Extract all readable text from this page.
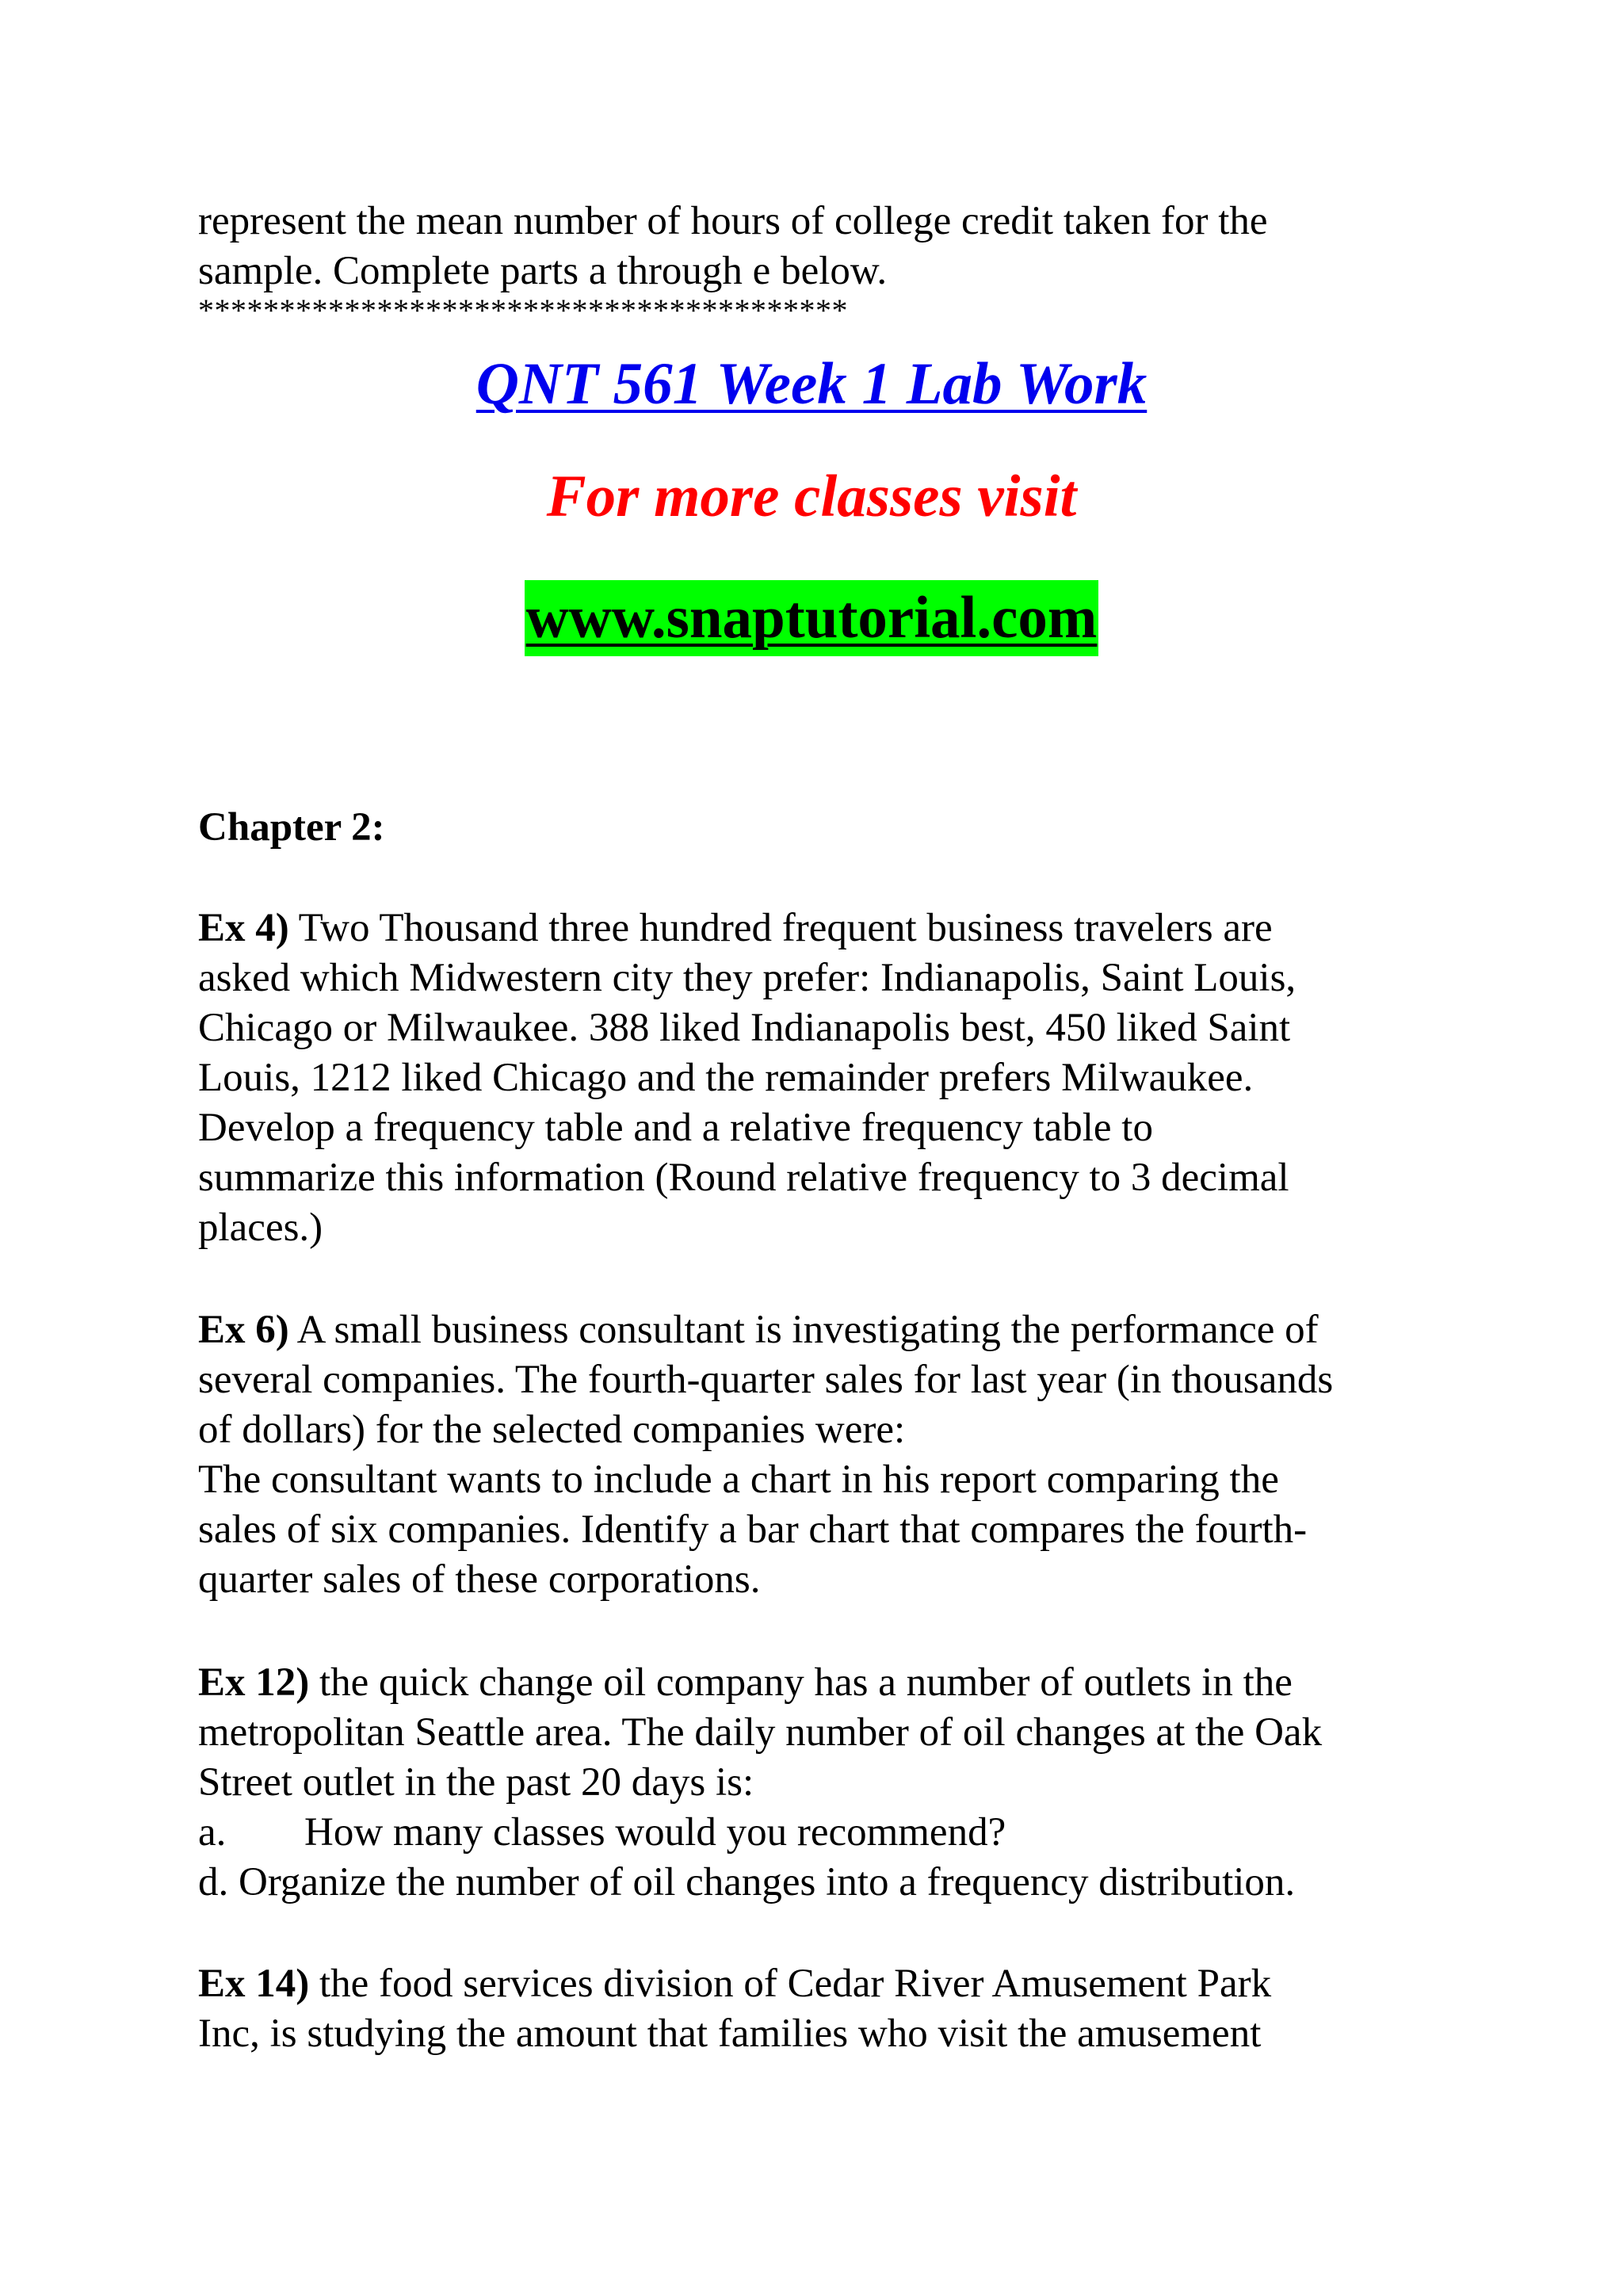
represent the mean number of hours of college credit taken for the
sample. Complete parts a through e below.
****************************************
QNT 561 Week 1 Lab Work
For more classes visit
www.snaptutorial.com
Chapter 2:
Ex 4) Two Thousand three hundred frequent business travelers are
asked which Midwestern city they prefer: Indianapolis, Saint Louis,
Chicago or Milwaukee. 388 liked Indianapolis best, 450 liked Saint
Louis, 1212 liked Chicago and the remainder prefers Milwaukee.
Develop a frequency table and a relative frequency table to
summarize this information (Round relative frequency to 3 decimal
places.)
Ex 6) A small business consultant is investigating the performance of
several companies. The fourth-quarter sales for last year (in thousands
of dollars) for the selected companies were:
The consultant wants to include a chart in his report comparing the
sales of six companies. Identify a bar chart that compares the fourth-
quarter sales of these corporations.
Ex 12) the quick change oil company has a number of outlets in the
metropolitan Seattle area. The daily number of oil changes at the Oak
Street outlet in the past 20 days is:
a. How many classes would you recommend?
d. Organize the number of oil changes into a frequency distribution.
Ex 14) the food services division of Cedar River Amusement Park
Inc, is studying the amount that families who visit the amusement
